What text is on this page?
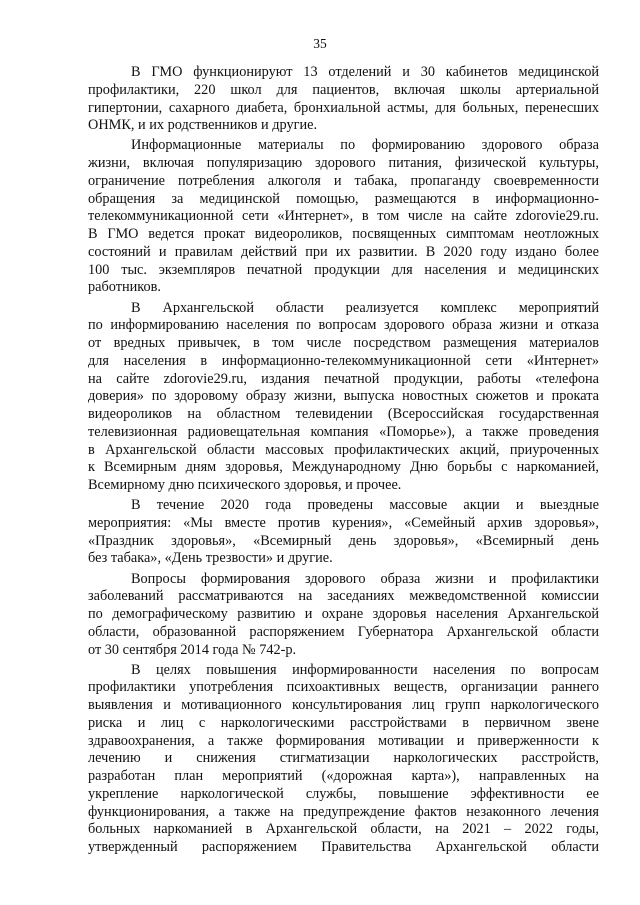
35
В ГМО функционируют 13 отделений и 30 кабинетов медицинской
профилактики, 220 школ для пациентов, включая школы артериальной
гипертонии, сахарного диабета, бронхиальной астмы, для больных, перенесших
ОНМК, и их родственников и другие.
Информационные материалы по формированию здорового образа
жизни, включая популяризацию здорового питания, физической культуры,
ограничение потребления алкоголя и табака, пропаганду своевременности
обращения за медицинской помощью, размещаются в информационно-
телекоммуникационной сети «Интернет», в том числе на сайте zdorovie29.ru.
В ГМО ведется прокат видеороликов, посвященных симптомам неотложных
состояний и правилам действий при их развитии. В 2020 году издано более
100 тыс. экземпляров печатной продукции для населения и медицинских
работников.
В Архангельской области реализуется комплекс мероприятий
по информированию населения по вопросам здорового образа жизни и отказа
от вредных привычек, в том числе посредством размещения материалов
для населения в информационно-телекоммуникационной сети «Интернет»
на сайте zdorovie29.ru, издания печатной продукции, работы «телефона
доверия» по здоровому образу жизни, выпуска новостных сюжетов и проката
видеороликов на областном телевидении (Всероссийская государственная
телевизионная радиовещательная компания «Поморье»), а также проведения
в Архангельской области массовых профилактических акций, приуроченных
к Всемирным дням здоровья, Международному Дню борьбы с наркоманией,
Всемирному дню психического здоровья, и прочее.
В течение 2020 года проведены массовые акции и выездные
мероприятия: «Мы вместе против курения», «Семейный архив здоровья»,
«Праздник здоровья», «Всемирный день здоровья», «Всемирный день
без табака», «День трезвости» и другие.
Вопросы формирования здорового образа жизни и профилактики
заболеваний рассматриваются на заседаниях межведомственной комиссии
по демографическому развитию и охране здоровья населения Архангельской
области, образованной распоряжением Губернатора Архангельской области
от 30 сентября 2014 года № 742-р.
В целях повышения информированности населения по вопросам
профилактики употребления психоактивных веществ, организации раннего
выявления и мотивационного консультирования лиц групп наркологического
риска и лиц с наркологическими расстройствами в первичном звене
здравоохранения, а также формирования мотивации и приверженности к
лечению и снижения стигматизации наркологических расстройств,
разработан план мероприятий («дорожная карта»), направленных на
укрепление наркологической службы, повышение эффективности ее
функционирования, а также на предупреждение фактов незаконного лечения
больных наркоманией в Архангельской области, на 2021 – 2022 годы,
утвержденный распоряжением Правительства Архангельской области
